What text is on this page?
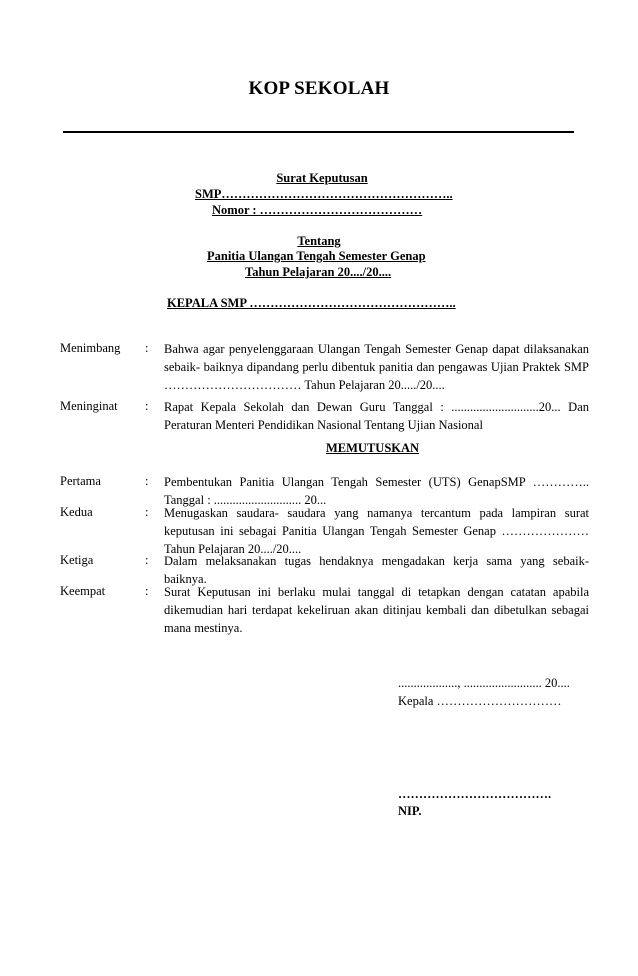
KOP SEKOLAH
Surat Keputusan
SMP………………………………………………..
Nomor : …………………………………
Tentang
Panitia Ulangan Tengah Semester Genap
Tahun Pelajaran 20..../20....
KEPALA SMP …………………………………………..
Menimbang : Bahwa agar penyelenggaraan Ulangan Tengah Semester Genap dapat dilaksanakan sebaik- baiknya dipandang perlu dibentuk panitia dan pengawas Ujian Praktek SMP …………………………… Tahun Pelajaran 20...../20....

Meninginat : Rapat Kepala Sekolah dan Dewan Guru Tanggal : ............................20... Dan Peraturan Menteri Pendidikan Nasional Tentang Ujian Nasional

MEMUTUSKAN
Pertama	: Pembentukan Panitia Ulangan Tengah Semester (UTS) GenapSMP ………….. Tanggal : ............................ 20...
Kedua	: Menugaskan saudara- saudara yang namanya tercantum pada lampiran surat keputusan ini sebagai Panitia Ulangan Tengah Semester Genap ………………… Tahun Pelajaran 20..../20....
Ketiga	: Dalam melaksanakan tugas hendaknya mengadakan kerja sama yang sebaik- baiknya.
Keempat	: Surat Keputusan ini berlaku mulai tanggal di tetapkan dengan catatan apabila dikemudian hari terdapat kekeliruan akan ditinjau kembali dan dibetulkan sebagai mana mestinya.
..................., ......................... 20....
Kepala …………………………
……………………………….
NIP.
